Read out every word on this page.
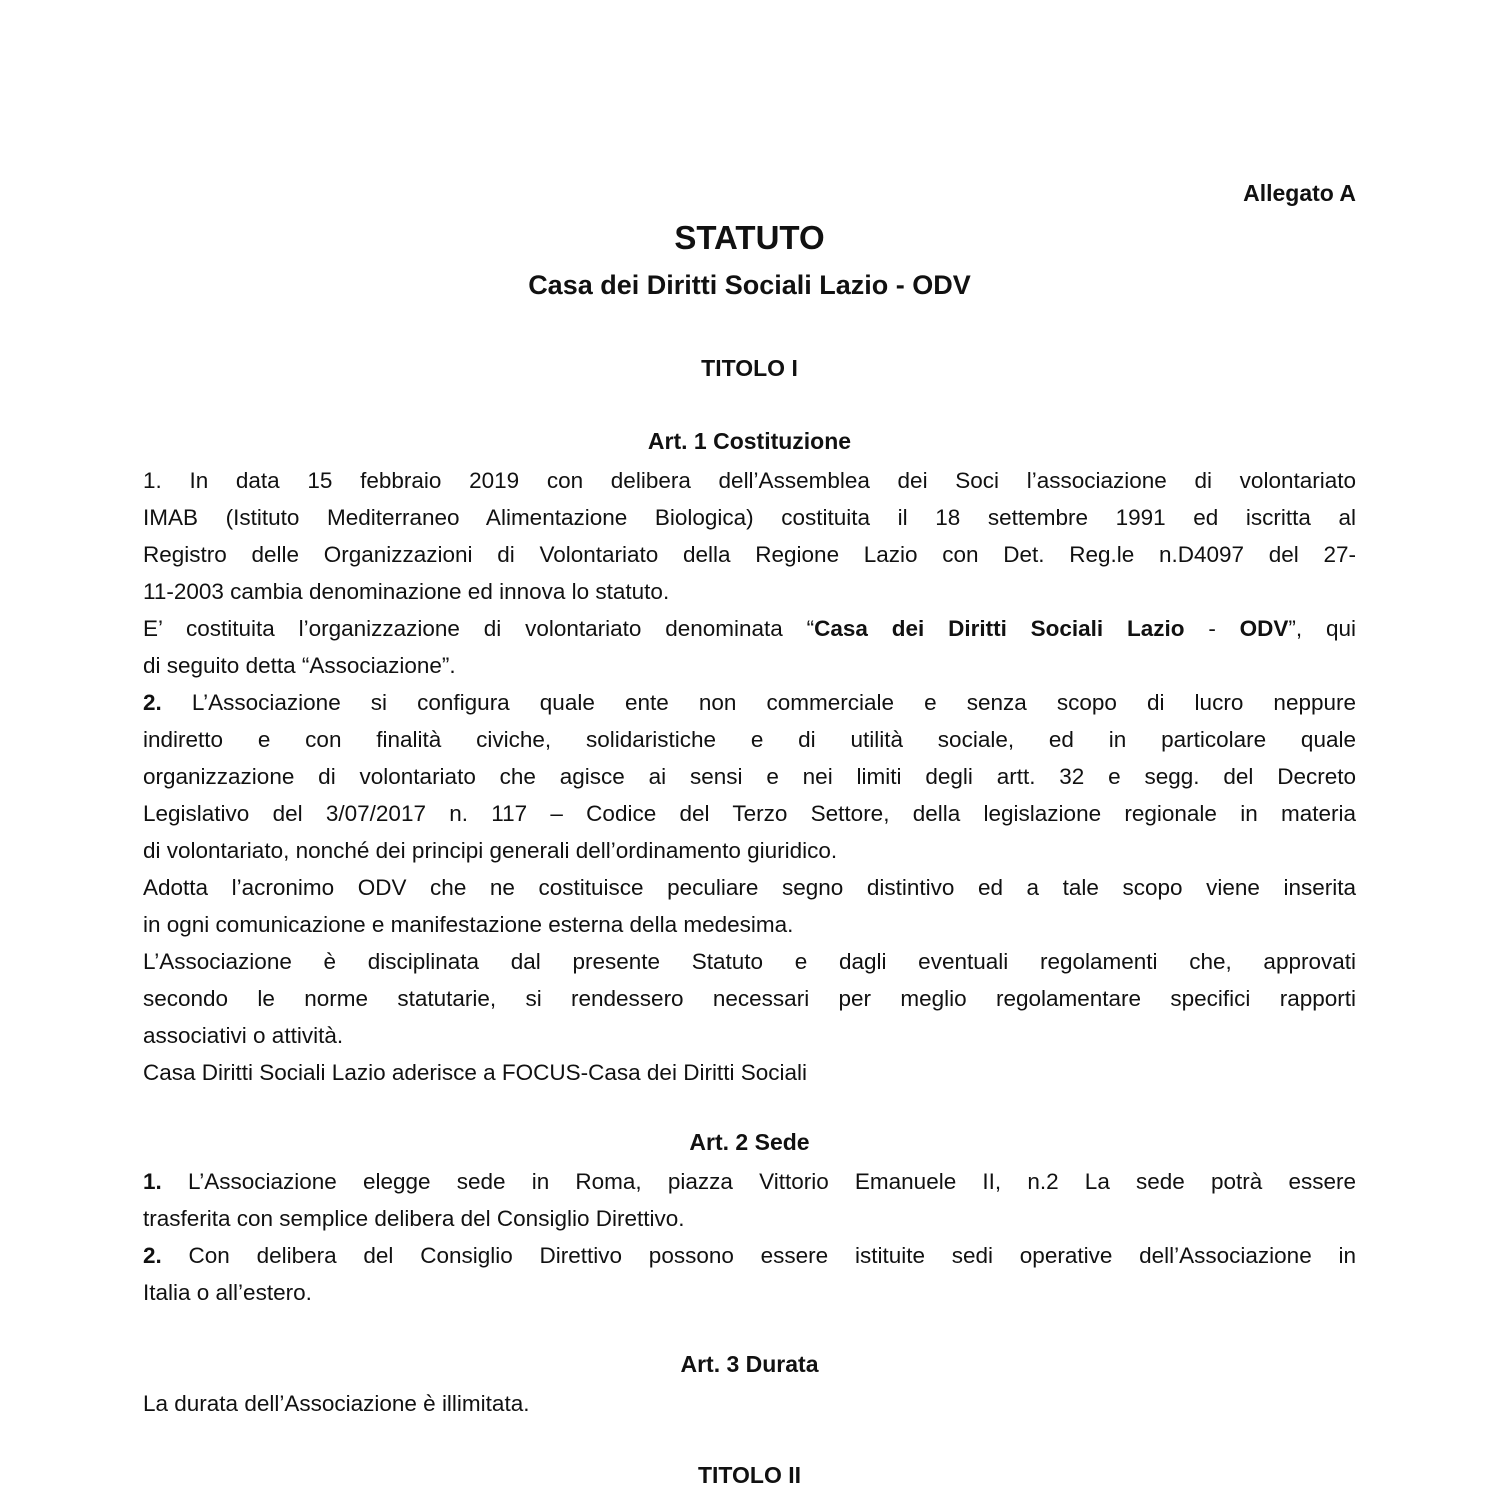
Allegato A
STATUTO
Casa dei Diritti Sociali Lazio - ODV
TITOLO I
Art. 1 Costituzione
1. In data 15 febbraio 2019 con delibera dell’Assemblea dei Soci l’associazione di volontariato
IMAB (Istituto Mediterraneo Alimentazione Biologica) costituita il 18 settembre 1991 ed iscritta al
Registro delle Organizzazioni di Volontariato della Regione Lazio con Det. Reg.le n.D4097 del 27-
11-2003 cambia denominazione ed innova lo statuto.
E’ costituita l’organizzazione di volontariato denominata “Casa dei Diritti Sociali Lazio - ODV”, qui
di seguito detta “Associazione”.
2. L’Associazione si configura quale ente non commerciale e senza scopo di lucro neppure
indiretto e con finalità civiche, solidaristiche e di utilità sociale, ed in particolare quale
organizzazione di volontariato che agisce ai sensi e nei limiti degli artt. 32 e segg. del Decreto
Legislativo del 3/07/2017 n. 117 – Codice del Terzo Settore, della legislazione regionale in materia
di volontariato, nonché dei principi generali dell’ordinamento giuridico.
Adotta l’acronimo ODV che ne costituisce peculiare segno distintivo ed a tale scopo viene inserita
in ogni comunicazione e manifestazione esterna della medesima.
L’Associazione è disciplinata dal presente Statuto e dagli eventuali regolamenti che, approvati
secondo le norme statutarie, si rendessero necessari per meglio regolamentare specifici rapporti
associativi o attività.
Casa Diritti Sociali Lazio aderisce a FOCUS-Casa dei Diritti Sociali
Art. 2 Sede
1. L’Associazione elegge sede in Roma, piazza Vittorio Emanuele II, n.2 La sede potrà essere
trasferita con semplice delibera del Consiglio Direttivo.
2. Con delibera del Consiglio Direttivo possono essere istituite sedi operative dell’Associazione in
Italia o all’estero.
Art. 3 Durata
La durata dell’Associazione è illimitata.
TITOLO II
